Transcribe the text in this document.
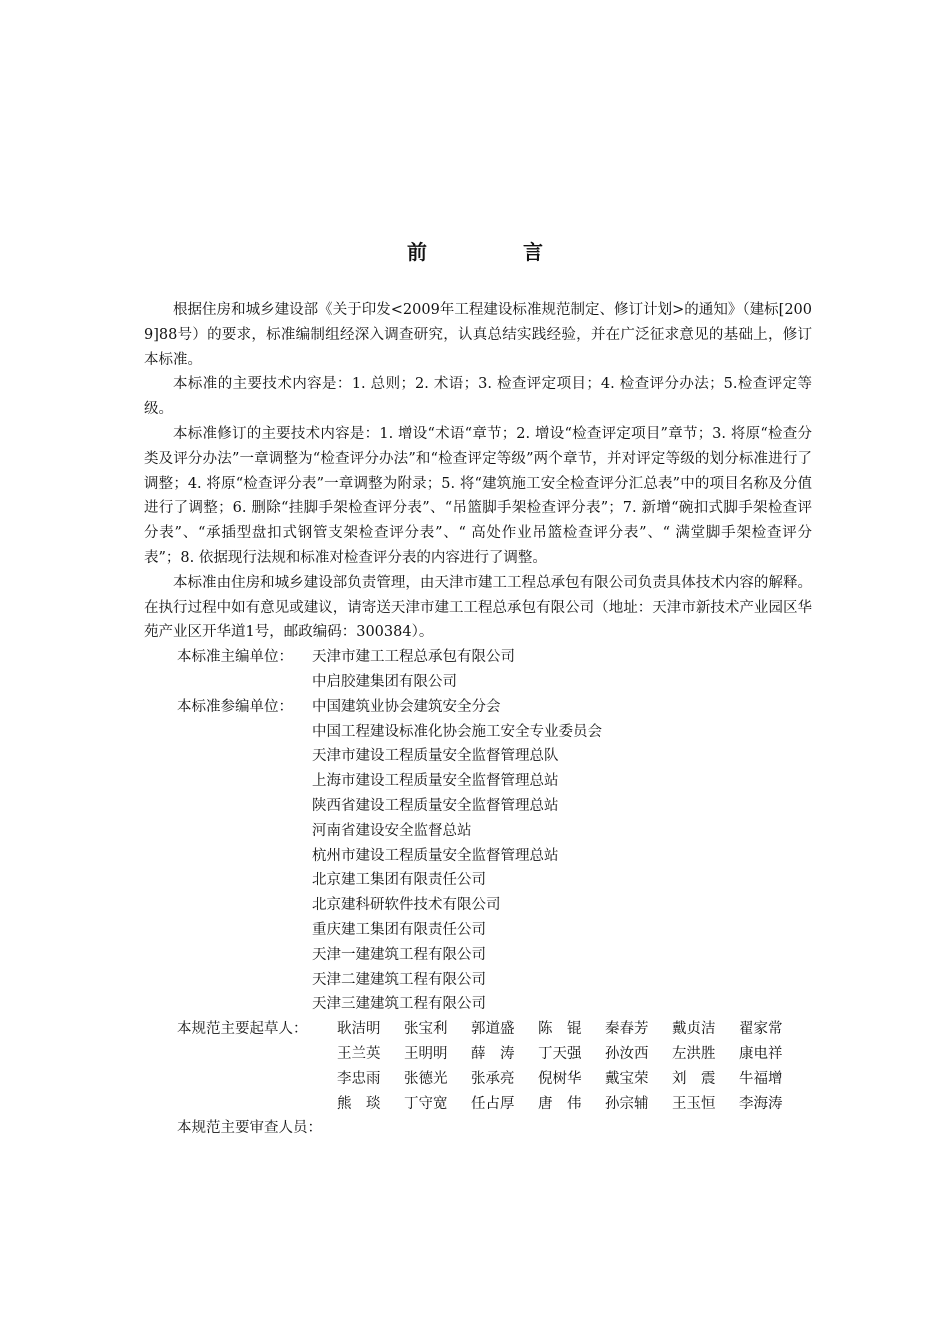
前　言

根据住房和城乡建设部《关于印发<2009年工程建设标准规范制定、修订计划>的通知》（建标[2009]88号）的要求，标准编制组经深入调查研究，认真总结实践经验，并在广泛征求意见的基础上，修订本标准。

本标准的主要技术内容是：1. 总则；2. 术语；3. 检查评定项目；4. 检查评分办法；5.检查评定等级。

本标准修订的主要技术内容是：1. 增设“术语“章节；2. 增设“检查评定项目”章节；3. 将原“检查分类及评分办法”一章调整为“检查评分办法”和“检查评定等级”两个章节，并对评定等级的划分标准进行了调整；4. 将原“检查评分表”一章调整为附录；5. 将“建筑施工安全检查评分汇总表”中的项目名称及分值进行了调整；6. 删除“挂脚手架检查评分表”、“吊篮脚手架检查评分表”；7. 新增“碗扣式脚手架检查评分表”、“承插型盘扣式钢管支架检查评分表”、“ 高处作业吊篮检查评分表”、“ 满堂脚手架检查评分表”；8. 依据现行法规和标准对检查评分表的内容进行了调整。

本标准由住房和城乡建设部负责管理，由天津市建工工程总承包有限公司负责具体技术内容的解释。在执行过程中如有意见或建议，请寄送天津市建工工程总承包有限公司（地址：天津市新技术产业园区华苑产业区开华道1号，邮政编码：300384）。

本标准主编单位：	天津市建工工程总承包有限公司
中启胶建集团有限公司
本标准参编单位：	中国建筑业协会建筑安全分会
中国工程建设标准化协会施工安全专业委员会
天津市建设工程质量安全监督管理总队
上海市建设工程质量安全监督管理总站
陕西省建设工程质量安全监督管理总站
河南省建设安全监督总站
杭州市建设工程质量安全监督管理总站
北京建工集团有限责任公司
北京建科研软件技术有限公司
重庆建工集团有限责任公司
天津一建建筑工程有限公司
天津二建建筑工程有限公司
天津三建建筑工程有限公司
本规范主要起草人：	耿洁明	张宝利	郭道盛	陈　锟	秦春芳	戴贞洁	翟家常
王兰英	王明明	薛　涛	丁天强	孙汝西	左洪胜	康电祥
李忠雨	张德光	张承亮	倪树华	戴宝荣	刘　震	牛福增
熊　琰	丁守宽	任占厚	唐　伟	孙宗辅	王玉恒	李海涛
本规范主要审查人员：
